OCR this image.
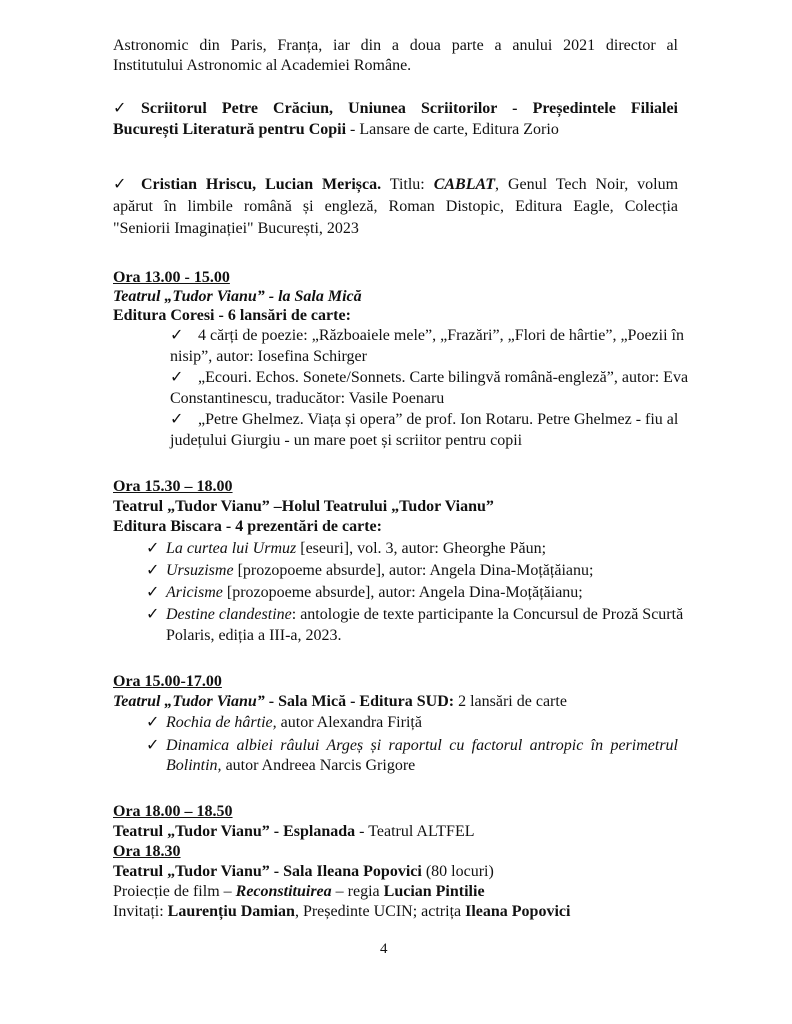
Astronomic din Paris, Franța, iar din a doua parte a anului 2021 director al
Institutului Astronomic al Academiei Române.
✓ Scriitorul Petre Crăciun, Uniunea Scriitorilor - Președintele Filialei
București Literatură pentru Copii - Lansare de carte, Editura Zorio
✓ Cristian Hriscu, Lucian Merișca. Titlu: CABLAT, Genul Tech Noir, volum
apărut în limbile română și engleză, Roman Distopic, Editura Eagle, Colecția
"Seniorii Imaginației" București, 2023
Ora 13.00 - 15.00
Teatrul „Tudor Vianu” - la Sala Mică
Editura Coresi - 6 lansări de carte:
✓ 4 cărți de poezie: „Războaiele mele”, „Frazări”, „Flori de hârtie”, „Poezii în
nisip”, autor: Iosefina Schirger
✓ „Ecouri. Echos. Sonete/Sonnets. Carte bilingvă română-engleză”, autor: Eva
Constantinescu, traducător: Vasile Poenaru
✓ „Petre Ghelmez. Viața și opera” de prof. Ion Rotaru. Petre Ghelmez - fiu al
județului Giurgiu - un mare poet și scriitor pentru copii
Ora 15.30 – 18.00
Teatrul „Tudor Vianu” –Holul Teatrului „Tudor Vianu”
Editura Biscara - 4 prezentări de carte:
✓ La curtea lui Urmuz [eseuri], vol. 3, autor: Gheorghe Păun;
✓ Ursuzisme [prozopoeme absurde], autor: Angela Dina-Moțățăianu;
✓ Aricisme [prozopoeme absurde], autor: Angela Dina-Moțățăianu;
✓ Destine clandestine: antologie de texte participante la Concursul de Proză Scurtă
Polaris, ediția a III-a, 2023.
Ora 15.00-17.00
Teatrul „Tudor Vianu” - Sala Mică - Editura SUD: 2 lansări de carte
✓ Rochia de hârtie, autor Alexandra Firiță
✓ Dinamica albiei râului Argeș și raportul cu factorul antropic în perimetrul
Bolintin, autor Andreea Narcis Grigore
Ora 18.00 – 18.50
Teatrul „Tudor Vianu” - Esplanada - Teatrul ALTFEL
Ora 18.30
Teatrul „Tudor Vianu” - Sala Ileana Popovici (80 locuri)
Proiecție de film – Reconstituirea – regia Lucian Pintilie
Invitați: Laurențiu Damian, Președinte UCIN; actrița Ileana Popovici
4
